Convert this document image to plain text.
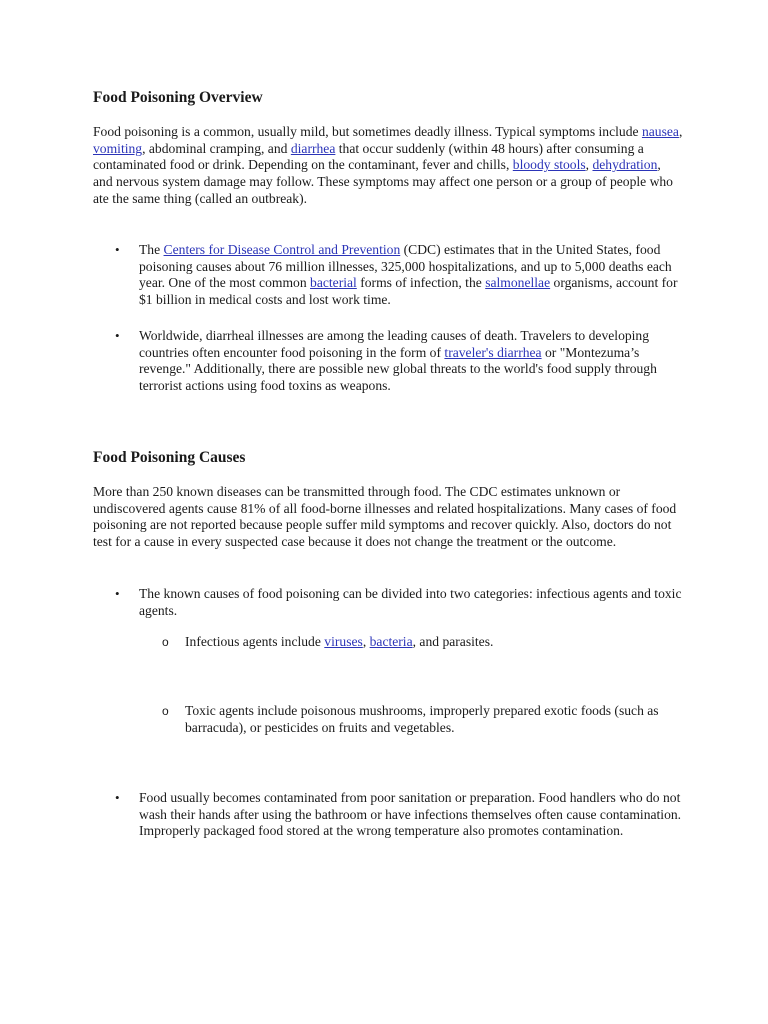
Food Poisoning Overview

Food poisoning is a common, usually mild, but sometimes deadly illness. Typical symptoms include nausea, vomiting, abdominal cramping, and diarrhea that occur suddenly (within 48 hours) after consuming a contaminated food or drink. Depending on the contaminant, fever and chills, bloody stools, dehydration, and nervous system damage may follow. These symptoms may affect one person or a group of people who ate the same thing (called an outbreak).

• The Centers for Disease Control and Prevention (CDC) estimates that in the United States, food poisoning causes about 76 million illnesses, 325,000 hospitalizations, and up to 5,000 deaths each year. One of the most common bacterial forms of infection, the salmonellae organisms, account for $1 billion in medical costs and lost work time.

• Worldwide, diarrheal illnesses are among the leading causes of death. Travelers to developing countries often encounter food poisoning in the form of traveler's diarrhea or "Montezuma’s revenge." Additionally, there are possible new global threats to the world's food supply through terrorist actions using food toxins as weapons.

Food Poisoning Causes

More than 250 known diseases can be transmitted through food. The CDC estimates unknown or undiscovered agents cause 81% of all food-borne illnesses and related hospitalizations. Many cases of food poisoning are not reported because people suffer mild symptoms and recover quickly. Also, doctors do not test for a cause in every suspected case because it does not change the treatment or the outcome.

• The known causes of food poisoning can be divided into two categories: infectious agents and toxic agents.

o Infectious agents include viruses, bacteria, and parasites.

o Toxic agents include poisonous mushrooms, improperly prepared exotic foods (such as barracuda), or pesticides on fruits and vegetables.

• Food usually becomes contaminated from poor sanitation or preparation. Food handlers who do not wash their hands after using the bathroom or have infections themselves often cause contamination. Improperly packaged food stored at the wrong temperature also promotes contamination.
